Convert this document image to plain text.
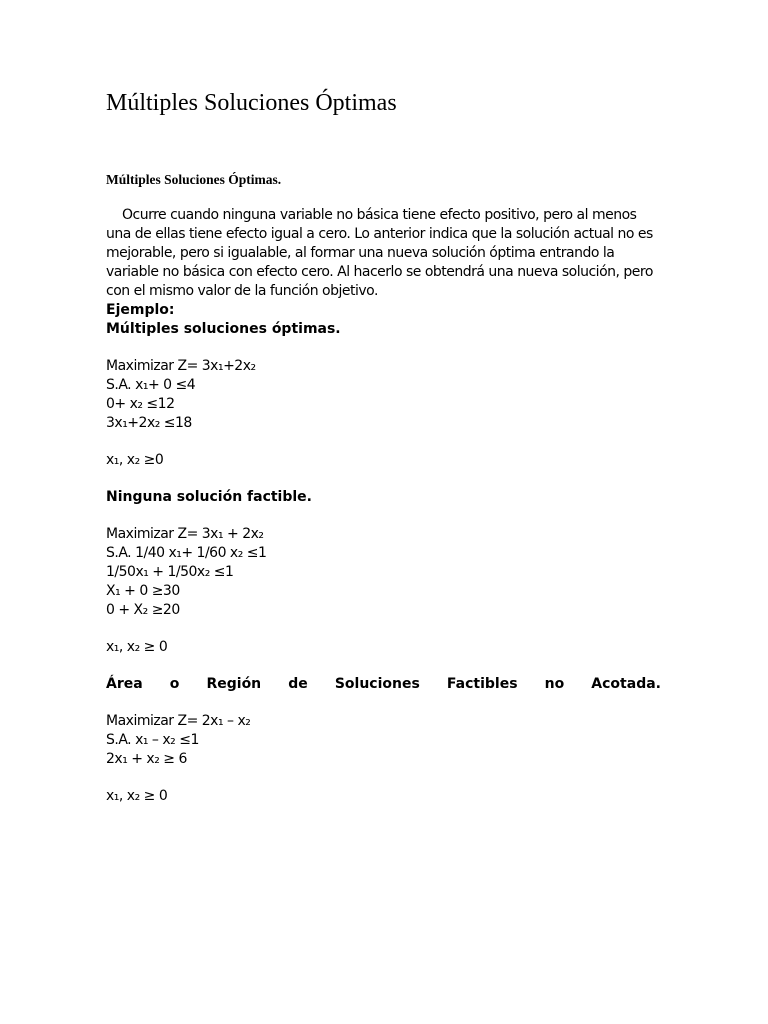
Múltiples Soluciones Óptimas
Múltiples Soluciones Óptimas.

Ocurre cuando ninguna variable no básica tiene efecto positivo, pero al menos una de ellas tiene efecto igual a cero. Lo anterior indica que la solución actual no es mejorable, pero si igualable, al formar una nueva solución óptima entrando la variable no básica con efecto cero. Al hacerlo se obtendrá una nueva solución, pero con el mismo valor de la función objetivo.

Ejemplo:

Múltiples soluciones óptimas.

Maximizar Z= 3x₁+2x₂

S.A. x₁+ 0 ≤4

0+ x₂ ≤12

3x₁+2x₂ ≤18

x₁, x₂ ≥0

Ninguna solución factible.

Maximizar Z= 3x₁ + 2x₂

S.A. 1/40 x₁+ 1/60 x₂ ≤1

1/50x₁ + 1/50x₂ ≤1

X₁ + 0 ≥30

0 + X₂ ≥20

x₁, x₂ ≥ 0

Área o Región de Soluciones Factibles no Acotada.

Maximizar Z= 2x₁ – x₂

S.A. x₁ – x₂ ≤1

2x₁ + x₂ ≥ 6

x₁, x₂ ≥ 0
